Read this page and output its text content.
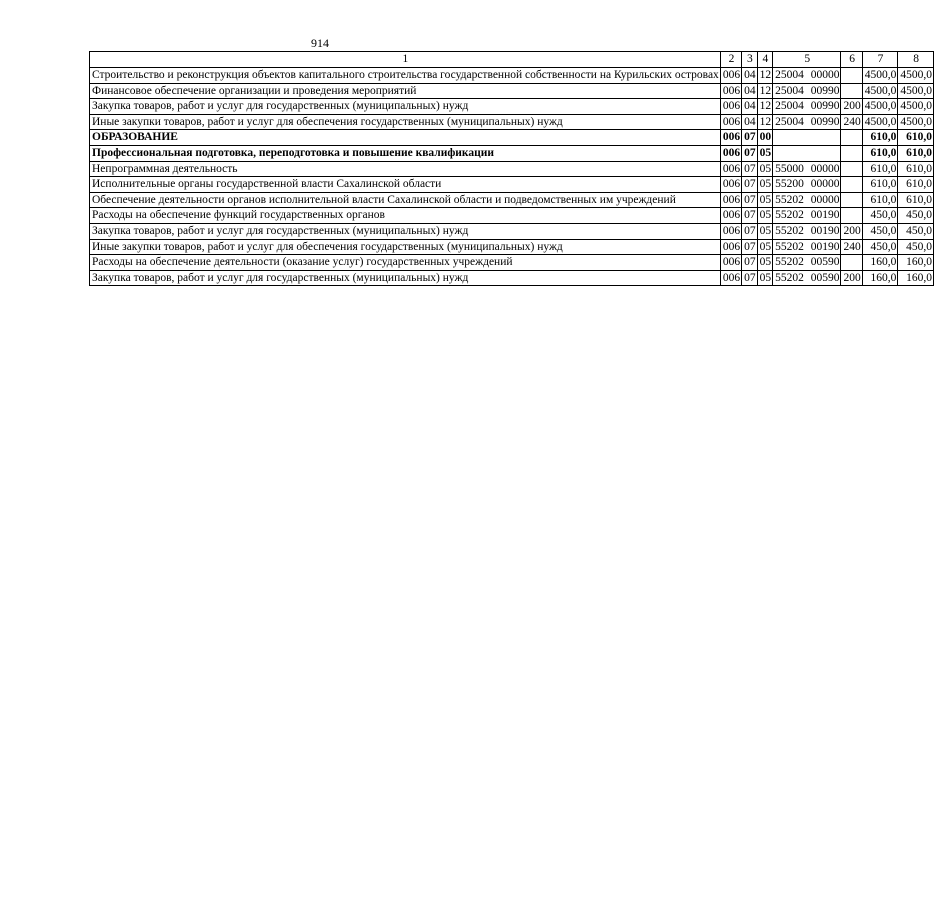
914
1	2	3	4	5	6	7	8
Строительство и реконструкция объектов капитального строительства государственной собственности на Курильских островах	006	04	12	25004 00000		4500,0	4500,0
Финансовое обеспечение организации и проведения мероприятий	006	04	12	25004 00990		4500,0	4500,0
Закупка товаров, работ и услуг для государственных (муниципальных) нужд	006	04	12	25004 00990	200	4500,0	4500,0
Иные закупки товаров, работ и услуг для обеспечения государственных (муниципальных) нужд	006	04	12	25004 00990	240	4500,0	4500,0
ОБРАЗОВАНИЕ	006	07	00			610,0	610,0
Профессиональная подготовка, переподготовка и повышение квалификации	006	07	05			610,0	610,0
Непрограммная деятельность	006	07	05	55000 00000		610,0	610,0
Исполнительные органы государственной власти Сахалинской области	006	07	05	55200 00000		610,0	610,0
Обеспечение деятельности органов исполнительной власти Сахалинской области и подведомственных им учреждений	006	07	05	55202 00000		610,0	610,0
Расходы на обеспечение функций государственных органов	006	07	05	55202 00190		450,0	450,0
Закупка товаров, работ и услуг для государственных (муниципальных) нужд	006	07	05	55202 00190	200	450,0	450,0
Иные закупки товаров, работ и услуг для обеспечения государственных (муниципальных) нужд	006	07	05	55202 00190	240	450,0	450,0
Расходы на обеспечение деятельности (оказание услуг) государственных учреждений	006	07	05	55202 00590		160,0	160,0
Закупка товаров, работ и услуг для государственных (муниципальных) нужд	006	07	05	55202 00590	200	160,0	160,0
